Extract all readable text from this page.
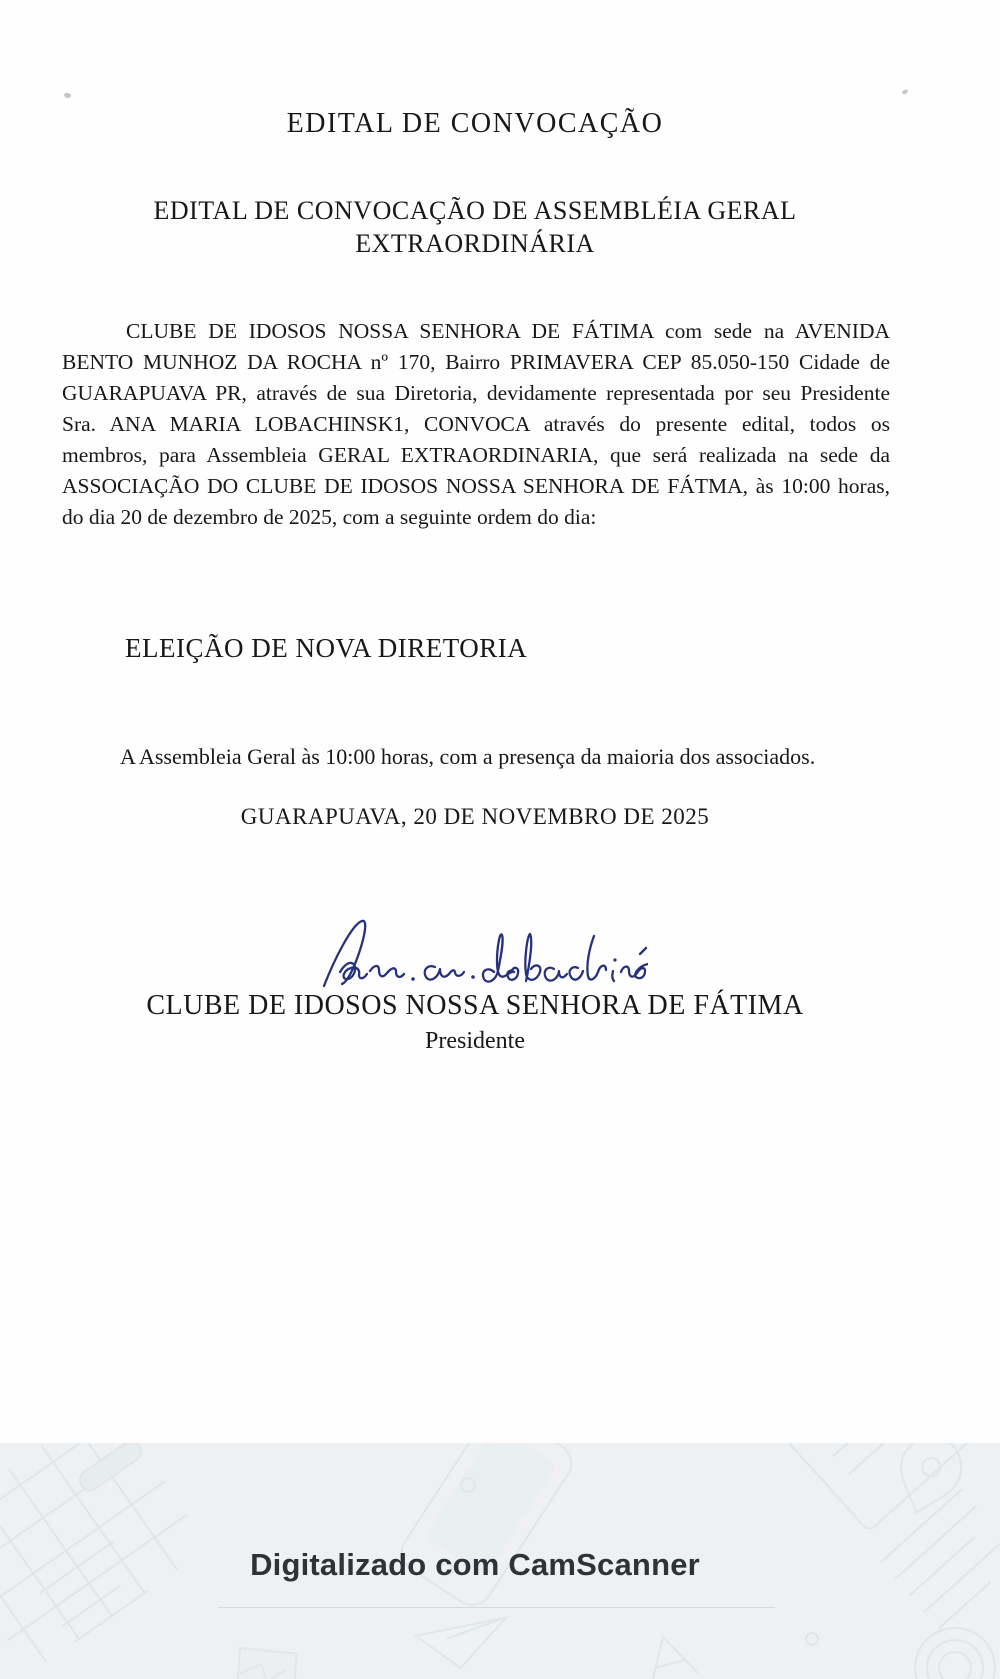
EDITAL DE CONVOCAÇÃO
EDITAL DE CONVOCAÇÃO DE ASSEMBLÉIA GERAL
EXTRAORDINÁRIA
CLUBE DE IDOSOS NOSSA SENHORA DE FÁTIMA com sede na AVENIDA
BENTO MUNHOZ DA ROCHA nº 170, Bairro PRIMAVERA CEP 85.050-150 Cidade de
GUARAPUAVA PR, através de sua Diretoria, devidamente representada por seu Presidente
Sra. ANA MARIA LOBACHINSK1, CONVOCA através do presente edital, todos os
membros, para Assembleia GERAL EXTRAORDINARIA, que será realizada na sede da
ASSOCIAÇÃO DO CLUBE DE IDOSOS NOSSA SENHORA DE FÁTMA, às 10:00 horas,
do dia 20 de dezembro de 2025, com a seguinte ordem do dia:
ELEIÇÃO DE NOVA DIRETORIA
A Assembleia Geral às 10:00 horas, com a presença da maioria dos associados.
GUARAPUAVA, 20 DE NOVEMBRO DE 2025
CLUBE DE IDOSOS NOSSA SENHORA DE FÁTIMA
Presidente
Digitalizado com CamScanner
